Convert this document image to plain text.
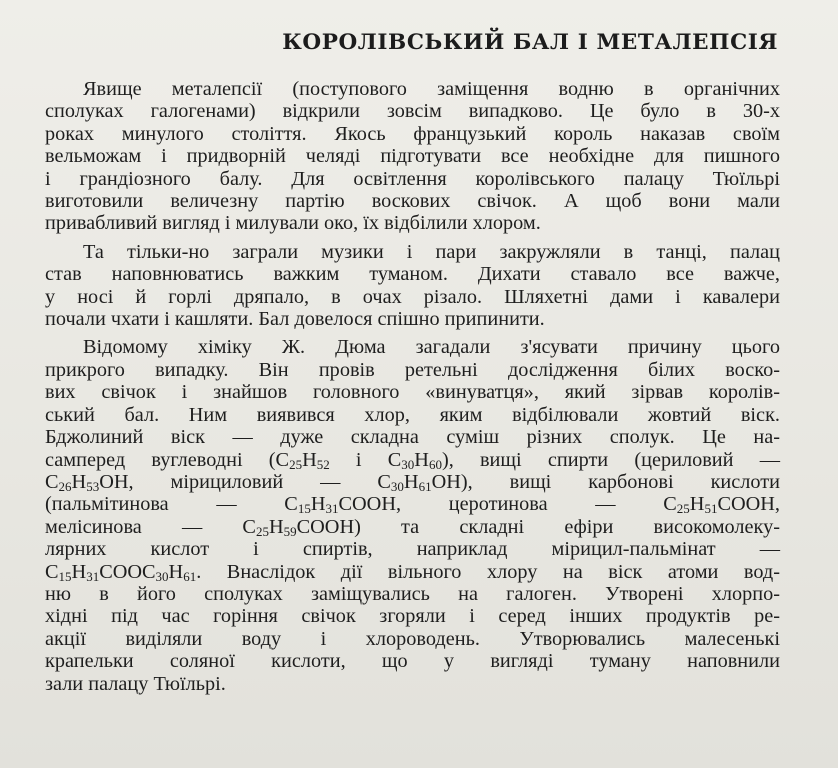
КОРОЛІВСЬКИЙ БАЛ І МЕТАЛЕПСІЯ
Явище металепсії (поступового заміщення водню в органічних
сполуках галогенами) відкрили зовсім випадково. Це було в 30-х
роках минулого століття. Якось французький король наказав своїм
вельможам і придворній челяді підготувати все необхідне для пишного
і грандіозного балу. Для освітлення королівського палацу Тюїльрі
виготовили величезну партію воскових свічок. А щоб вони мали
привабливий вигляд і милували око, їх відбілили хлором.
Та тільки-но заграли музики і пари закружляли в танці, палац
став наповнюватись важким туманом. Дихати ставало все важче,
у носі й горлі дряпало, в очах різало. Шляхетні дами і кавалери
почали чхати і кашляти. Бал довелося спішно припинити.
Відомому хіміку Ж. Дюма загадали з'ясувати причину цього
прикрого випадку. Він провів ретельні дослідження білих воско-
вих свічок і знайшов головного «винуватця», який зірвав королів-
ський бал. Ним виявився хлор, яким відбілювали жовтий віск.
Бджолиний віск — дуже складна суміш різних сполук. Це на-
самперед вуглеводні ($C_{25}H_{52}$ і $C_{30}H_{60}$), вищі спирти (цериловий —
$C_{26}H_{53}OH$, мірициловий — $C_{30}H_{61}OH$), вищі карбонові кислоти
(пальмітинова — $C_{15}H_{31}COOH$, церотинова — $C_{25}H_{51}COOH$,
мелісинова — $C_{25}H_{59}COOH$) та складні ефіри високомолеку-
лярних кислот і спиртів, наприклад мірицил-пальмінат —
$C_{15}H_{31}COOC_{30}H_{61}$. Внаслідок дії вільного хлору на віск атоми вод-
ню в його сполуках заміщувались на галоген. Утворені хлорпо-
хідні під час горіння свічок згоряли і серед інших продуктів ре-
акції виділяли воду і хлороводень. Утворювались малесенькі
крапельки соляної кислоти, що у вигляді туману наповнили
зали палацу Тюїльрі.
